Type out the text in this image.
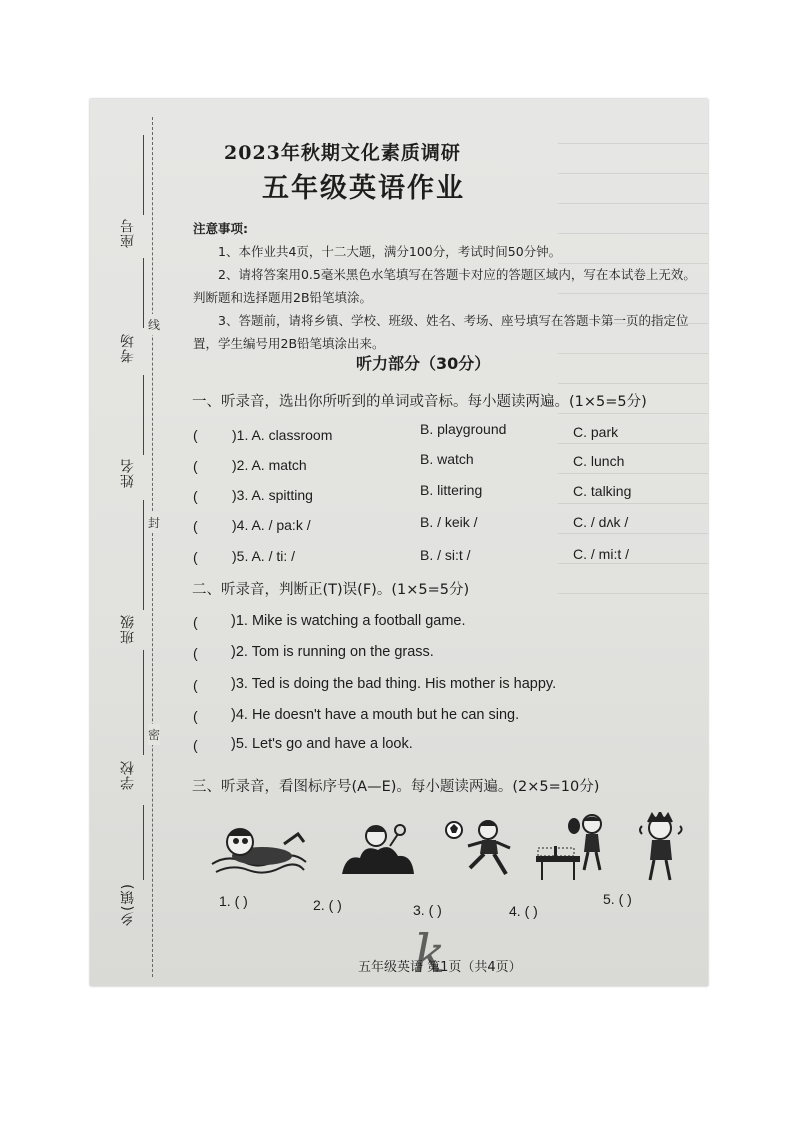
座号
考场
姓名
班级
学校
乡(镇)
线
封
密
2023年秋期文化素质调研
五年级英语作业
注意事项:
1、本作业共4页，十二大题，满分100分，考试时间50分钟。
2、请将答案用0.5毫米黑色水笔填写在答题卡对应的答题区域内，写在本试卷上无效。
判断题和选择题用2B铅笔填涂。
3、答题前，请将乡镇、学校、班级、姓名、考场、座号填写在答题卡第一页的指定位
置，学生编号用2B铅笔填涂出来。
听力部分（30分）
一、听录音，选出你所听到的单词或音标。每小题读两遍。(1×5=5分)
( )1. A. classroom	B. playground	C. park
( )2. A. match	B. watch	C. lunch
( )3. A. spitting	B. littering	C. talking
( )4. A. / pa:k /	B. / keik /	C. / dʌk /
( )5. A. / ti: /	B. / si:t /	C. / mi:t /
二、听录音，判断正(T)误(F)。(1×5=5分)
( )1. Mike is watching a football game.
( )2. Tom is running on the grass.
( )3. Ted is doing the bad thing. His mother is happy.
( )4. He doesn't have a mouth but he can sing.
( )5. Let's go and have a look.
三、听录音，看图标序号(A—E)。每小题读两遍。(2×5=10分)
1. ( )	2. ( )	3. ( )	4. ( )
5. ( )
k
五年级英语 第1页（共4页）
